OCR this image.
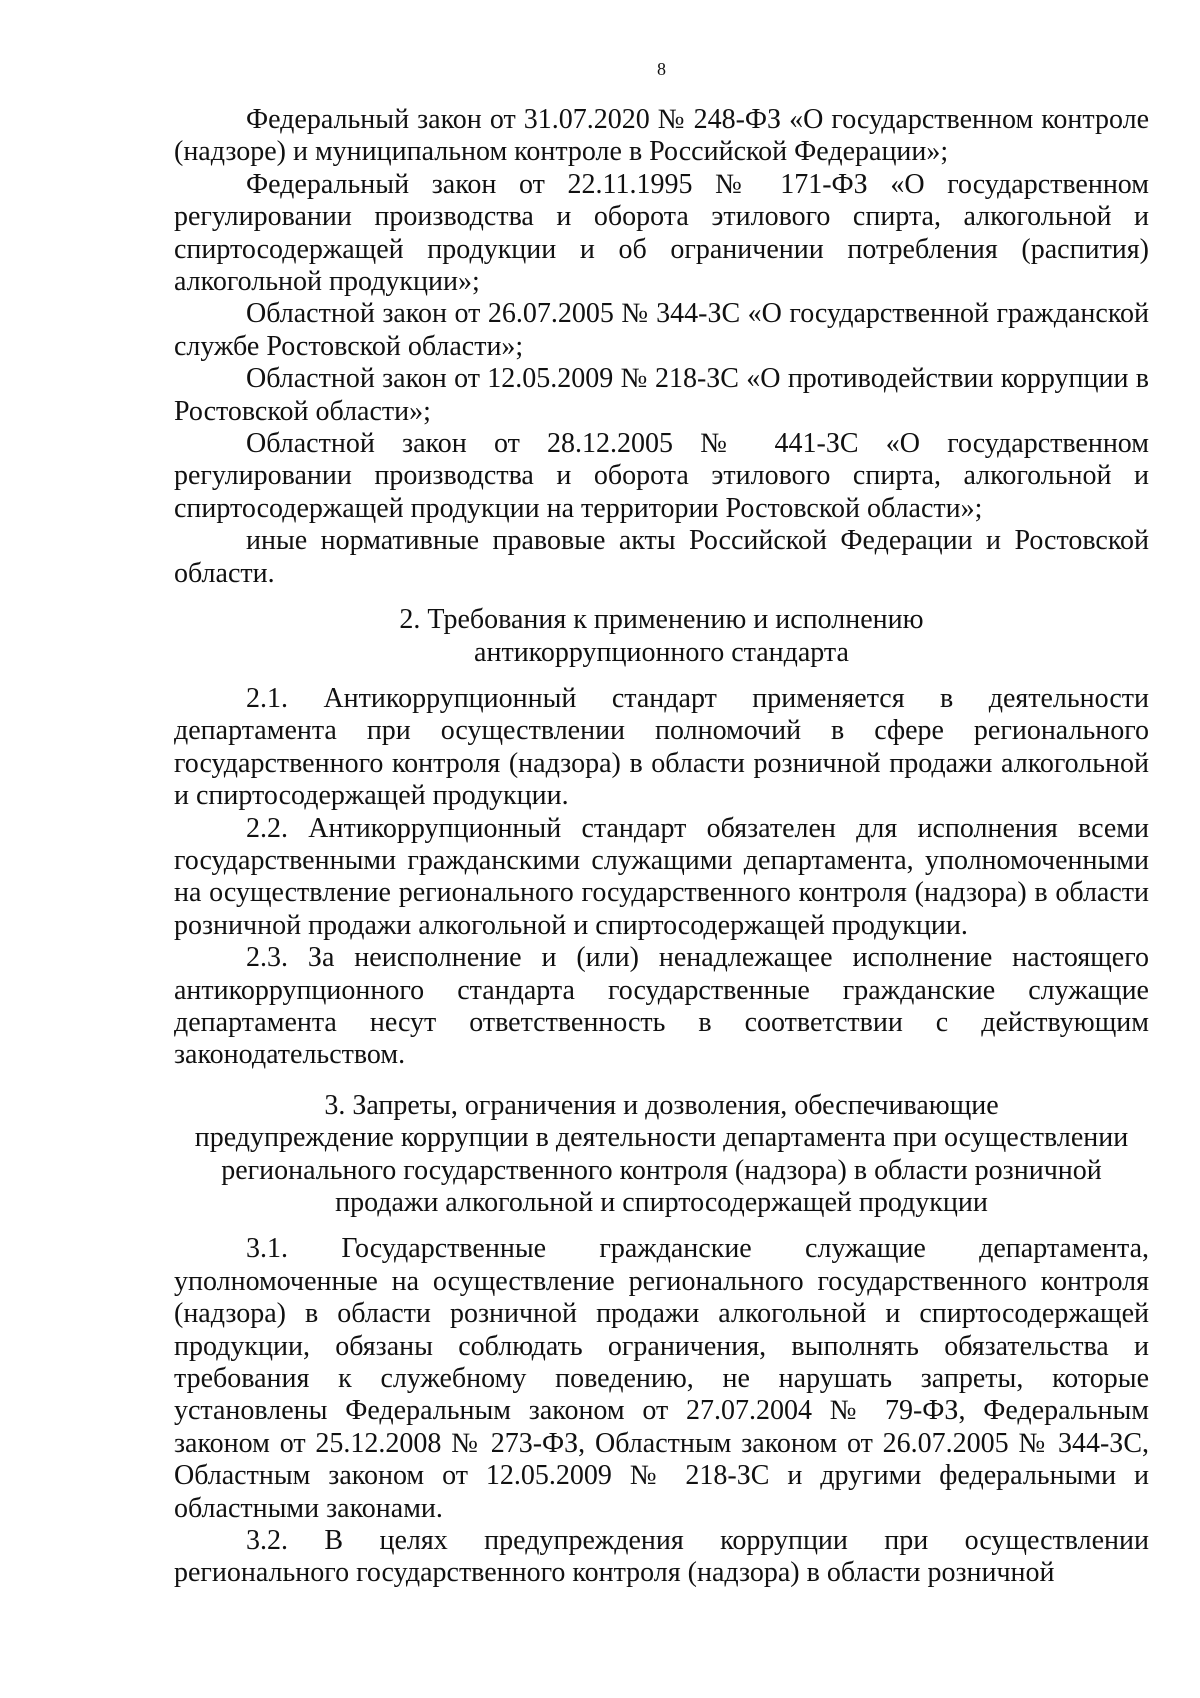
8

Федеральный закон от 31.07.2020 № 248-ФЗ «О государственном контроле (надзоре) и муниципальном контроле в Российской Федерации»;

Федеральный закон от 22.11.1995 № 171-ФЗ «О государственном регулировании производства и оборота этилового спирта, алкогольной и спиртосодержащей продукции и об ограничении потребления (распития) алкогольной продукции»;

Областной закон от 26.07.2005 № 344-ЗС «О государственной гражданской службе Ростовской области»;

Областной закон от 12.05.2009 № 218-ЗС «О противодействии коррупции в Ростовской области»;

Областной закон от 28.12.2005 № 441-ЗС «О государственном регулировании производства и оборота этилового спирта, алкогольной и спиртосодержащей продукции на территории Ростовской области»;

иные нормативные правовые акты Российской Федерации и Ростовской области.

2. Требования к применению и исполнению

антикоррупционного стандарта

2.1. Антикоррупционный стандарт применяется в деятельности департамента при осуществлении полномочий в сфере регионального государственного контроля (надзора) в области розничной продажи алкогольной и спиртосодержащей продукции.

2.2. Антикоррупционный стандарт обязателен для исполнения всеми государственными гражданскими служащими департамента, уполномоченными на осуществление регионального государственного контроля (надзора) в области розничной продажи алкогольной и спиртосодержащей продукции.

2.3. За неисполнение и (или) ненадлежащее исполнение настоящего антикоррупционного стандарта государственные гражданские служащие департамента несут ответственность в соответствии с действующим законодательством.

3. Запреты, ограничения и дозволения, обеспечивающие

предупреждение коррупции в деятельности департамента при осуществлении

регионального государственного контроля (надзора) в области розничной

продажи алкогольной и спиртосодержащей продукции

3.1. Государственные гражданские служащие департамента, уполномоченные на осуществление регионального государственного контроля (надзора) в области розничной продажи алкогольной и спиртосодержащей продукции, обязаны соблюдать ограничения, выполнять обязательства и требования к служебному поведению, не нарушать запреты, которые установлены Федеральным законом от 27.07.2004 № 79-ФЗ, Федеральным законом от 25.12.2008 № 273-ФЗ, Областным законом от 26.07.2005 № 344-ЗС, Областным законом от 12.05.2009 № 218-ЗС и другими федеральными и областными законами.

3.2. В целях предупреждения коррупции при осуществлении регионального государственного контроля (надзора) в области розничной
